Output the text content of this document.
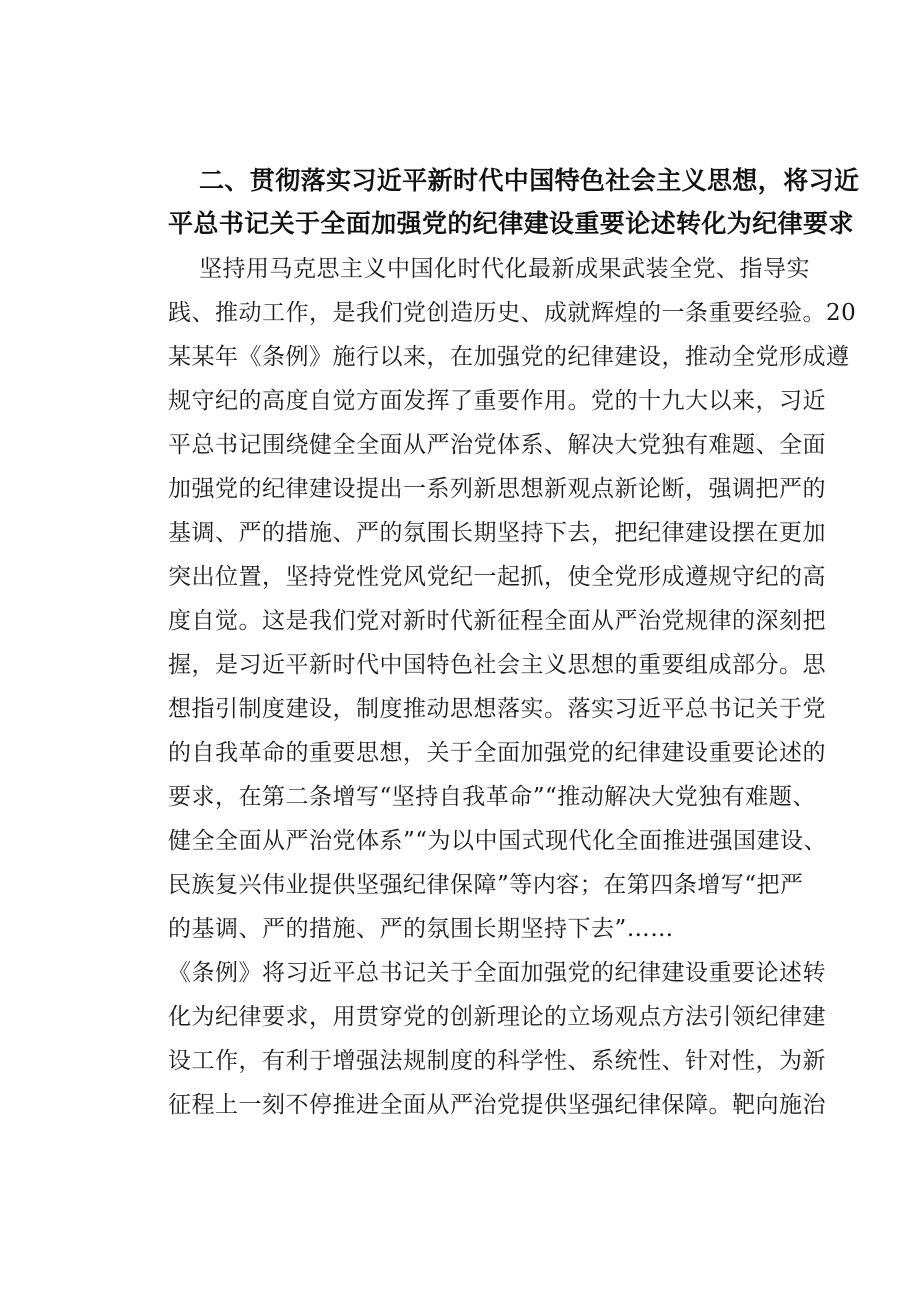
二、贯彻落实习近平新时代中国特色社会主义思想，将习近
平总书记关于全面加强党的纪律建设重要论述转化为纪律要求
坚持用马克思主义中国化时代化最新成果武装全党、指导实
践、推动工作，是我们党创造历史、成就辉煌的一条重要经验。20
某某年《条例》施行以来，在加强党的纪律建设，推动全党形成遵
规守纪的高度自觉方面发挥了重要作用。党的十九大以来，习近
平总书记围绕健全全面从严治党体系、解决大党独有难题、全面
加强党的纪律建设提出一系列新思想新观点新论断，强调把严的
基调、严的措施、严的氛围长期坚持下去，把纪律建设摆在更加
突出位置，坚持党性党风党纪一起抓，使全党形成遵规守纪的高
度自觉。这是我们党对新时代新征程全面从严治党规律的深刻把
握，是习近平新时代中国特色社会主义思想的重要组成部分。思
想指引制度建设，制度推动思想落实。落实习近平总书记关于党
的自我革命的重要思想，关于全面加强党的纪律建设重要论述的
要求，在第二条增写“坚持自我革命”“推动解决大党独有难题、
健全全面从严治党体系”“为以中国式现代化全面推进强国建设、
民族复兴伟业提供坚强纪律保障”等内容；在第四条增写“把严
的基调、严的措施、严的氛围长期坚持下去”……
《条例》将习近平总书记关于全面加强党的纪律建设重要论述转
化为纪律要求，用贯穿党的创新理论的立场观点方法引领纪律建
设工作，有利于增强法规制度的科学性、系统性、针对性，为新
征程上一刻不停推进全面从严治党提供坚强纪律保障。靶向施治
